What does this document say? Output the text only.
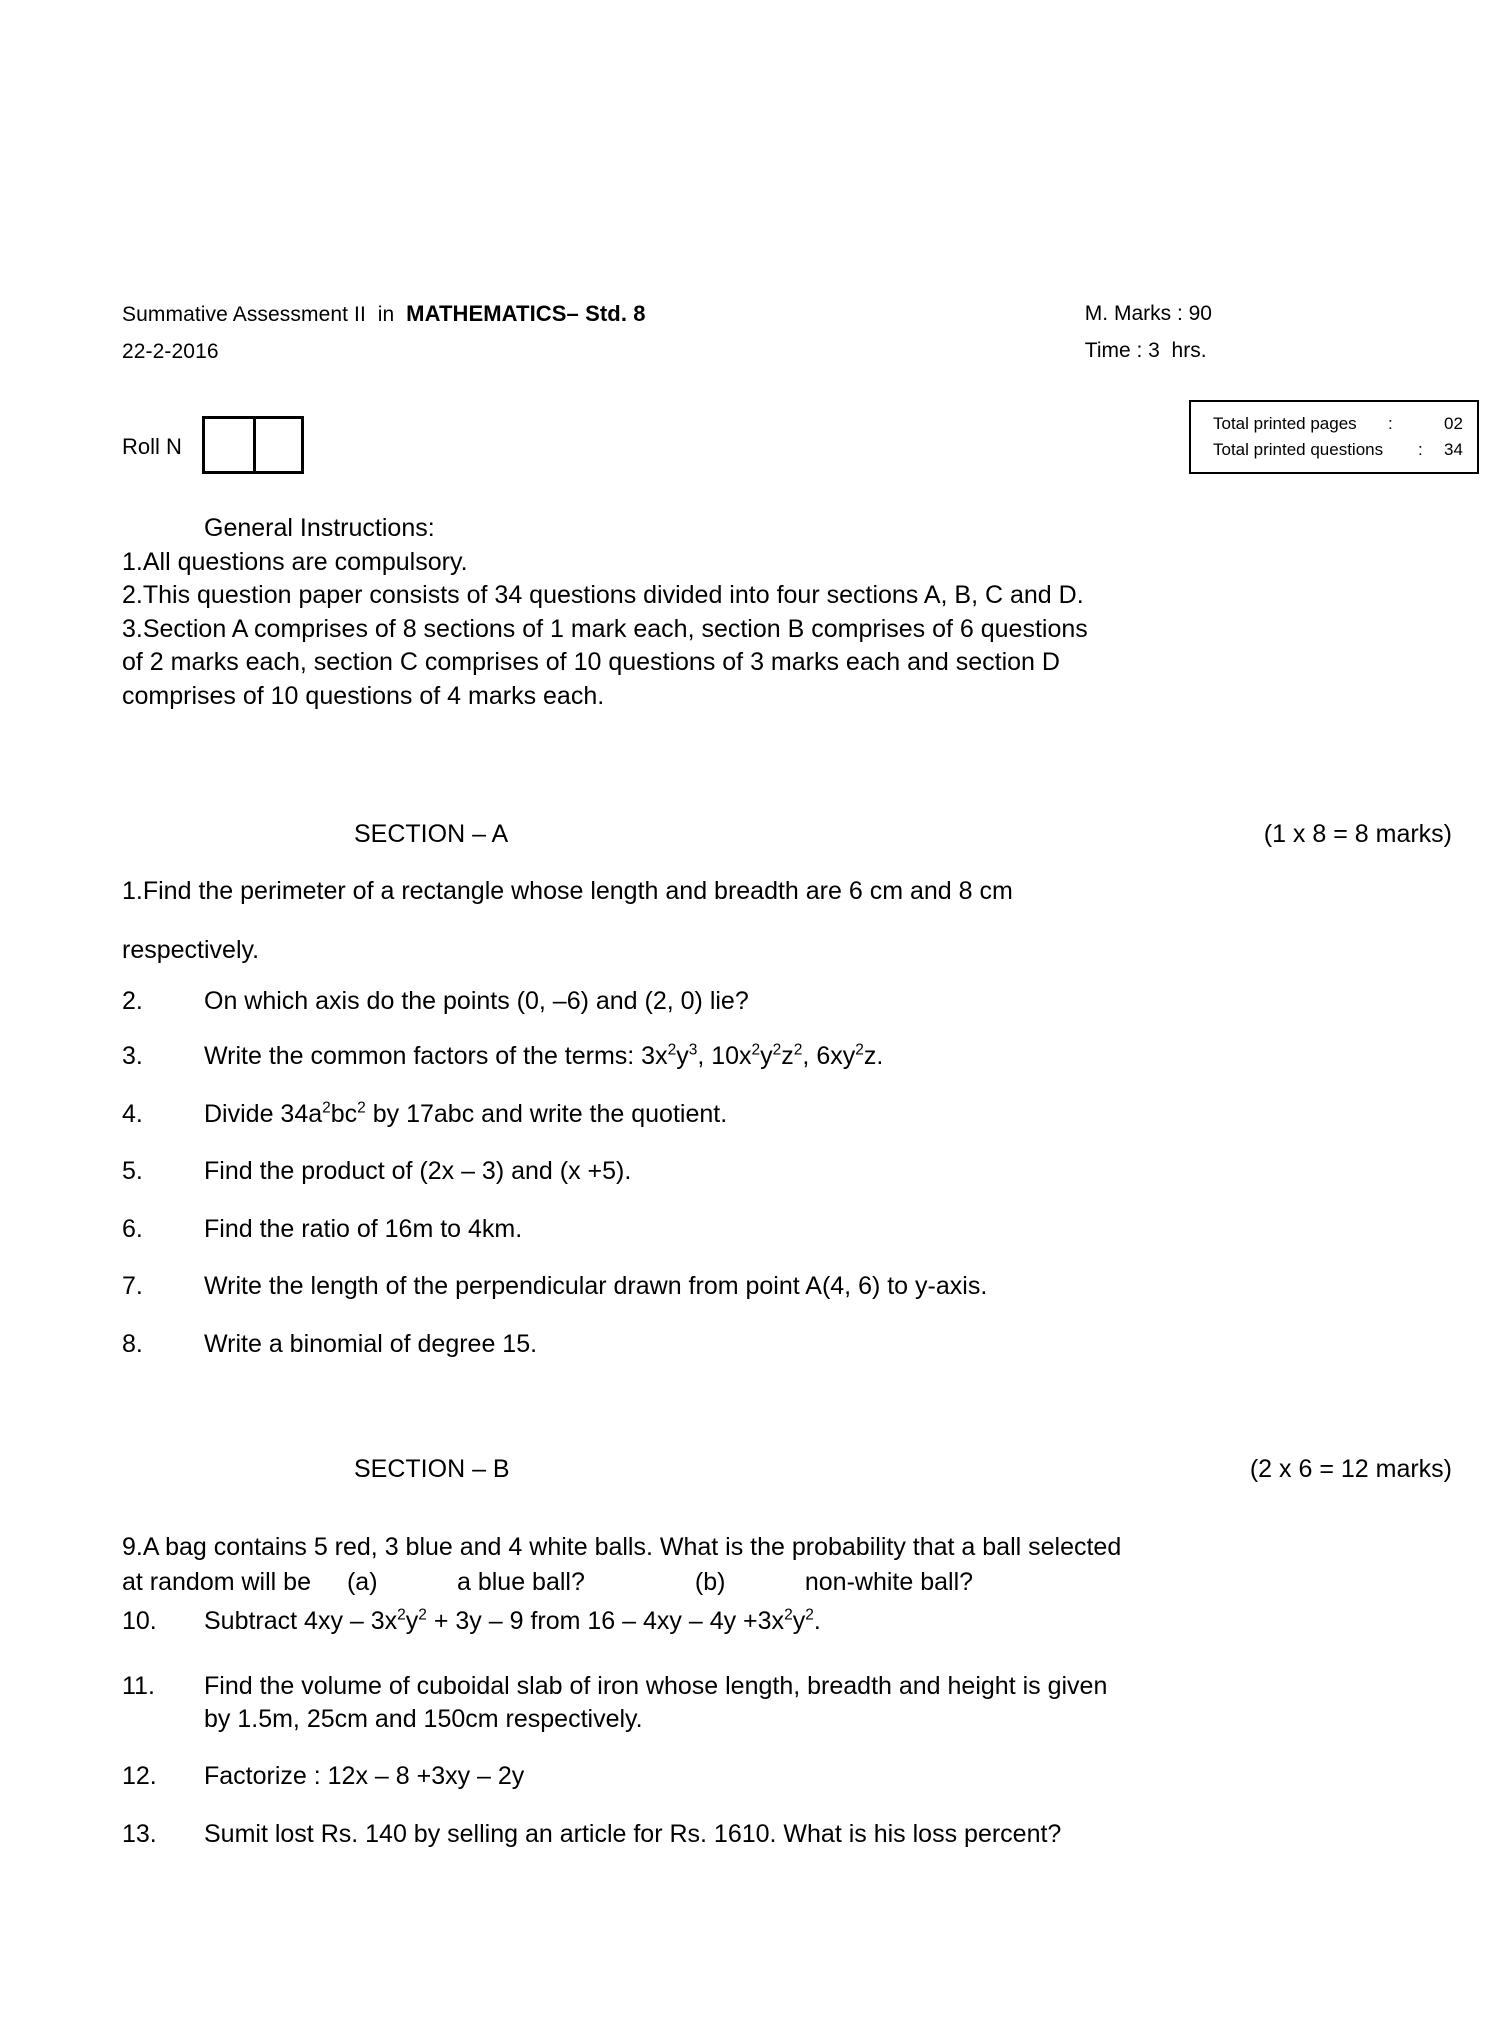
Summative Assessment II  in  MATHEMATICS– Std. 8
22-2-2016
M. Marks : 90
Time : 3  hrs.
Roll N
Total printed pages	:	02
Total printed questions	:	34
General Instructions:
1.All questions are compulsory.
2.This question paper consists of 34 questions divided into four sections A, B, C and D.
3.Section A comprises of 8 sections of 1 mark each, section B comprises of 6 questions
of 2 marks each, section C comprises of 10 questions of 3 marks each and section D
comprises of 10 questions of 4 marks each.
SECTION – A	(1 x 8 = 8 marks)
1.Find the perimeter of a rectangle whose length and breadth are 6 cm and 8 cm
respectively.
2. On which axis do the points (0, –6) and (2, 0) lie?
3. Write the common factors of the terms: $3x^2y^3$, $10x^2y^2z^2$, $6xy^2z$.
4. Divide $34a^2bc^2$ by 17abc and write the quotient.
5. Find the product of (2x – 3) and (x +5).
6. Find the ratio of 16m to 4km.
7. Write the length of the perpendicular drawn from point A(4, 6) to y-axis.
8. Write a binomial of degree 15.
SECTION – B	(2 x 6 = 12 marks)
9.A bag contains 5 red, 3 blue and 4 white balls. What is the probability that a ball selected
at random will be (a)	a blue ball?	(b)	non-white ball?
10. Subtract $4xy - 3x^2y^2 + 3y - 9$ from $16 - 4xy - 4y +3x^2y^2$.
11. Find the volume of cuboidal slab of iron whose length, breadth and height is given
by 1.5m, 25cm and 150cm respectively.
12. Factorize : 12x – 8 +3xy – 2y
13. Sumit lost Rs. 140 by selling an article for Rs. 1610. What is his loss percent?
